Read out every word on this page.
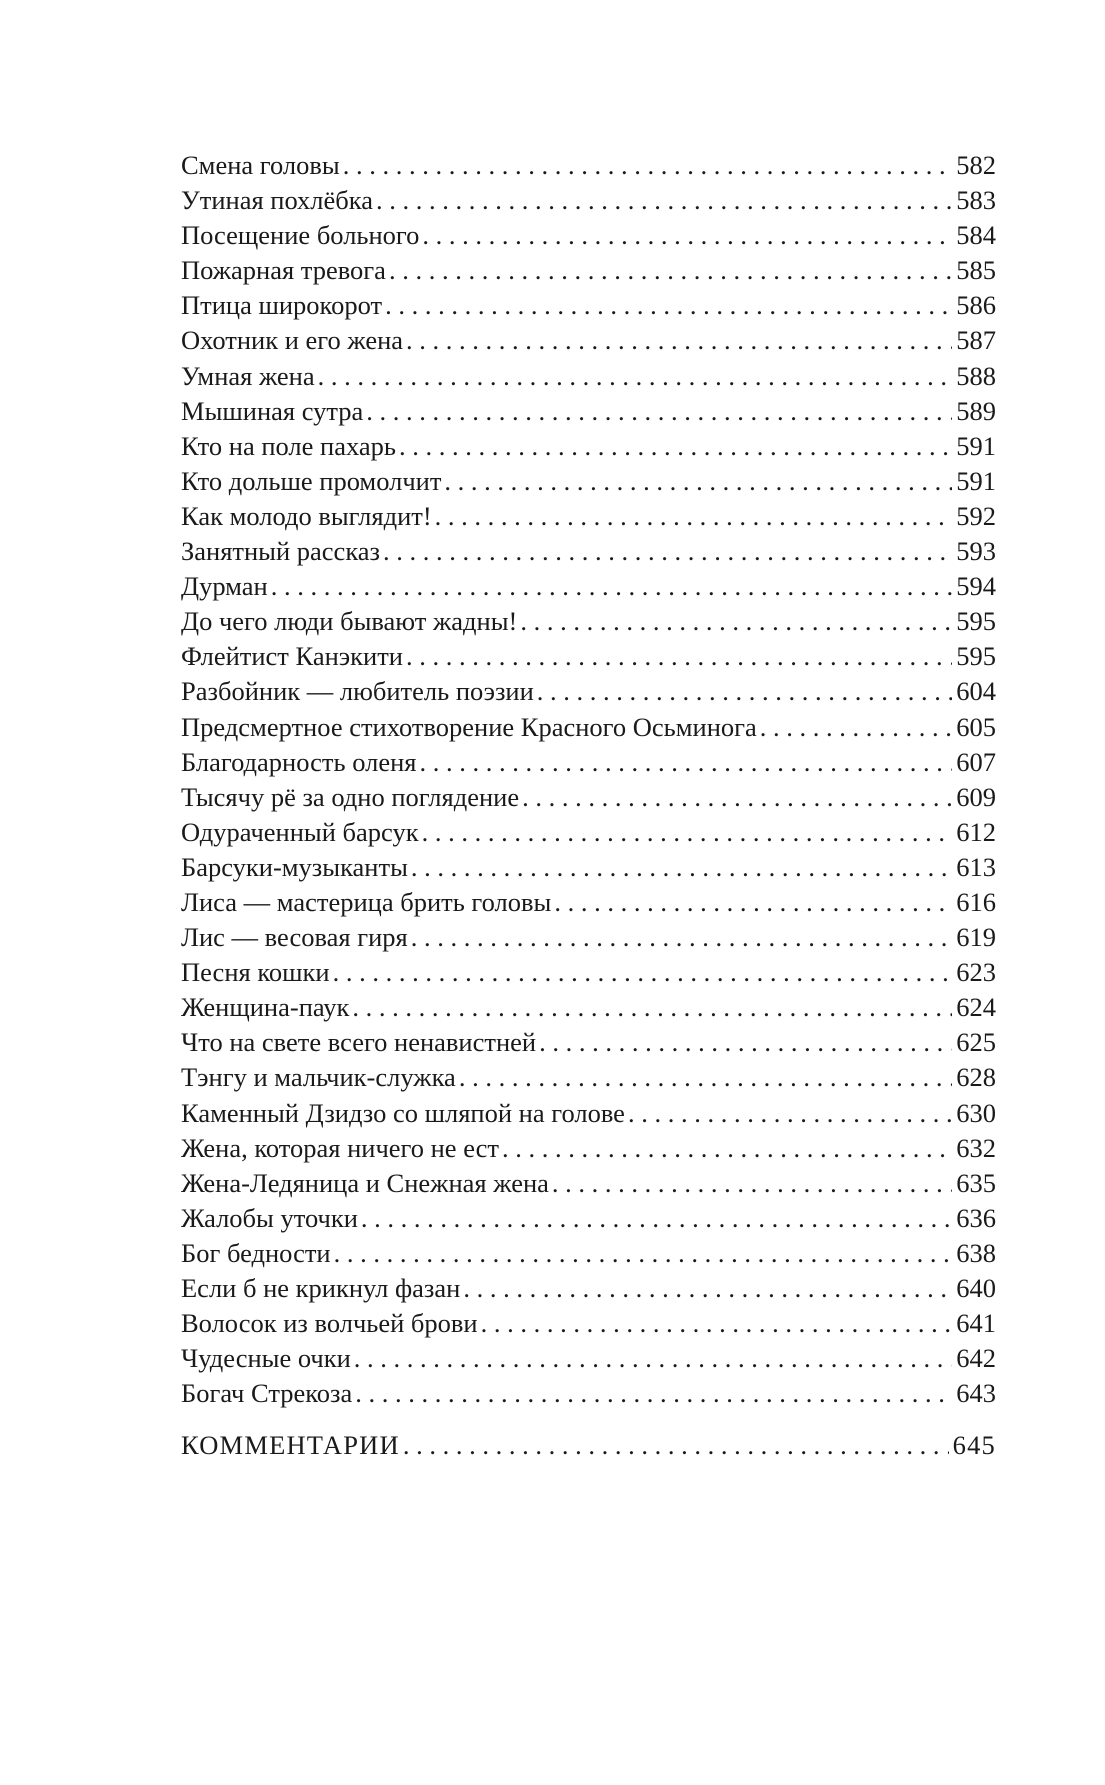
Смена головы . . .	582
Утиная похлёбка . . .	583
Посещение больного . . .	584
Пожарная тревога . . .	585
Птица широкорот . . .	586
Охотник и его жена . . .	587
Умная жена . . .	588
Мышиная сутра . . .	589
Кто на поле пахарь . . .	591
Кто дольше промолчит . . .	591
Как молодо выглядит! . . .	592
Занятный рассказ . . .	593
Дурман . . .	594
До чего люди бывают жадны! . . .	595
Флейтист Канэкити . . .	595
Разбойник — любитель поэзии . . .	604
Предсмертное стихотворение Красного Осьминога . . .	605
Благодарность оленя . . .	607
Тысячу рё за одно поглядение . . .	609
Одураченный барсук . . .	612
Барсуки-музыканты . . .	613
Лиса — мастерица брить головы . . .	616
Лис — весовая гиря . . .	619
Песня кошки . . .	623
Женщина-паук . . .	624
Что на свете всего ненавистней . . .	625
Тэнгу и мальчик-служка . . .	628
Каменный Дзидзо со шляпой на голове . . .	630
Жена, которая ничего не ест . . .	632
Жена-Ледяница и Снежная жена . . .	635
Жалобы уточки . . .	636
Бог бедности . . .	638
Если б не крикнул фазан . . .	640
Волосок из волчьей брови . . .	641
Чудесные очки . . .	642
Богач Стрекоза . . .	643
КОММЕНТАРИИ . . .	645
